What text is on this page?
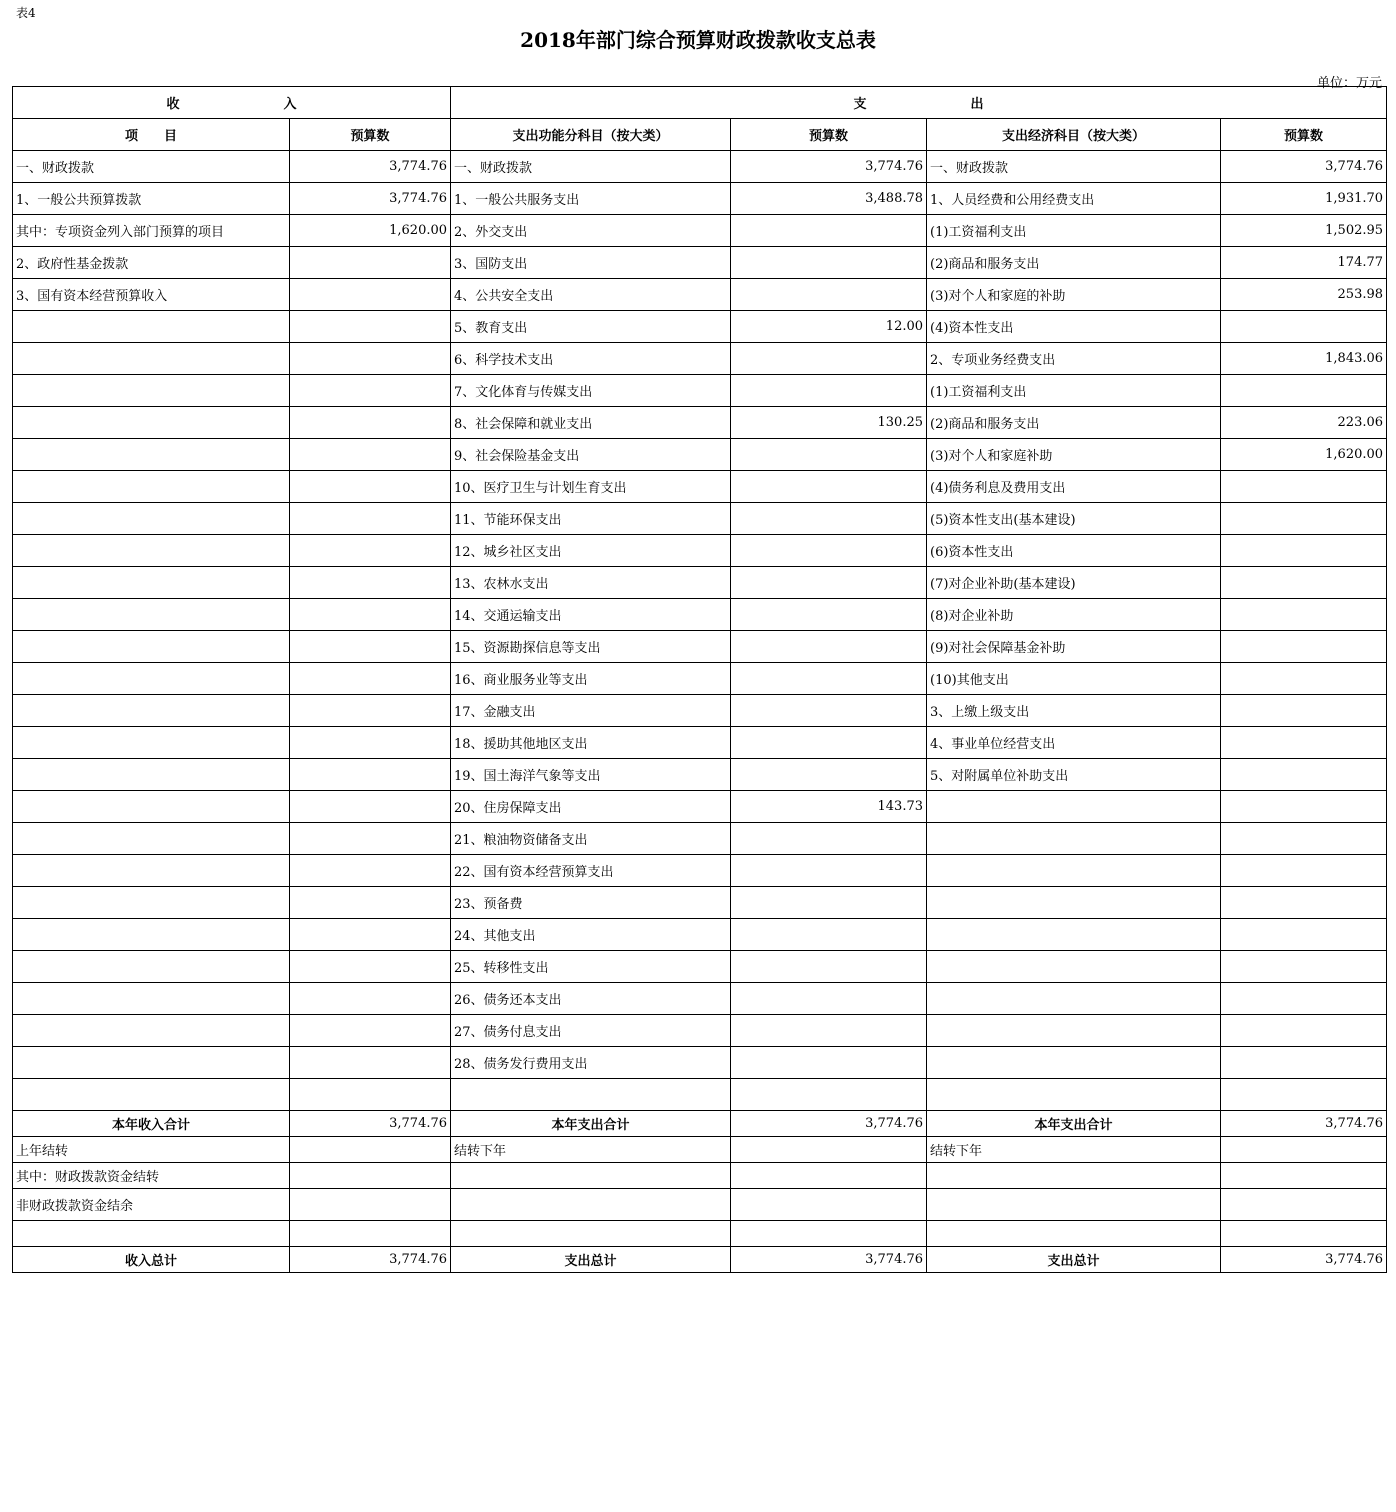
表4
2018年部门综合预算财政拨款收支总表
单位：万元
收　　　　　　　　入		支　　　　　　　　出			
项　　目	预算数	支出功能分科目（按大类）	预算数	支出经济科目（按大类）	预算数
一、财政拨款	3,774.76	一、财政拨款	3,774.76	一、财政拨款	3,774.76
1、一般公共预算拨款	3,774.76	1、一般公共服务支出	3,488.78	1、人员经费和公用经费支出	1,931.70
其中：专项资金列入部门预算的项目	1,620.00	2、外交支出		(1)工资福利支出	1,502.95
2、政府性基金拨款		3、国防支出		(2)商品和服务支出	174.77
3、国有资本经营预算收入		4、公共安全支出		(3)对个人和家庭的补助	253.98
		5、教育支出	12.00	(4)资本性支出	
		6、科学技术支出		2、专项业务经费支出	1,843.06
		7、文化体育与传媒支出		(1)工资福利支出	
		8、社会保障和就业支出	130.25	(2)商品和服务支出	223.06
		9、社会保险基金支出		(3)对个人和家庭补助	1,620.00
		10、医疗卫生与计划生育支出		(4)债务利息及费用支出	
		11、节能环保支出		(5)资本性支出(基本建设)	
		12、城乡社区支出		(6)资本性支出	
		13、农林水支出		(7)对企业补助(基本建设)	
		14、交通运输支出		(8)对企业补助	
		15、资源勘探信息等支出		(9)对社会保障基金补助	
		16、商业服务业等支出		(10)其他支出	
		17、金融支出		3、上缴上级支出	
		18、援助其他地区支出		4、事业单位经营支出	
		19、国土海洋气象等支出		5、对附属单位补助支出	
		20、住房保障支出	143.73		
		21、粮油物资储备支出			
		22、国有资本经营预算支出			
		23、预备费			
		24、其他支出			
		25、转移性支出			
		26、债务还本支出			
		27、债务付息支出			
		28、债务发行费用支出			

本年收入合计	3,774.76	本年支出合计	3,774.76	本年支出合计	3,774.76
上年结转		结转下年		结转下年	
其中：财政拨款资金结转					
非财政拨款资金结余					

收入总计	3,774.76	支出总计	3,774.76	支出总计	3,774.76
